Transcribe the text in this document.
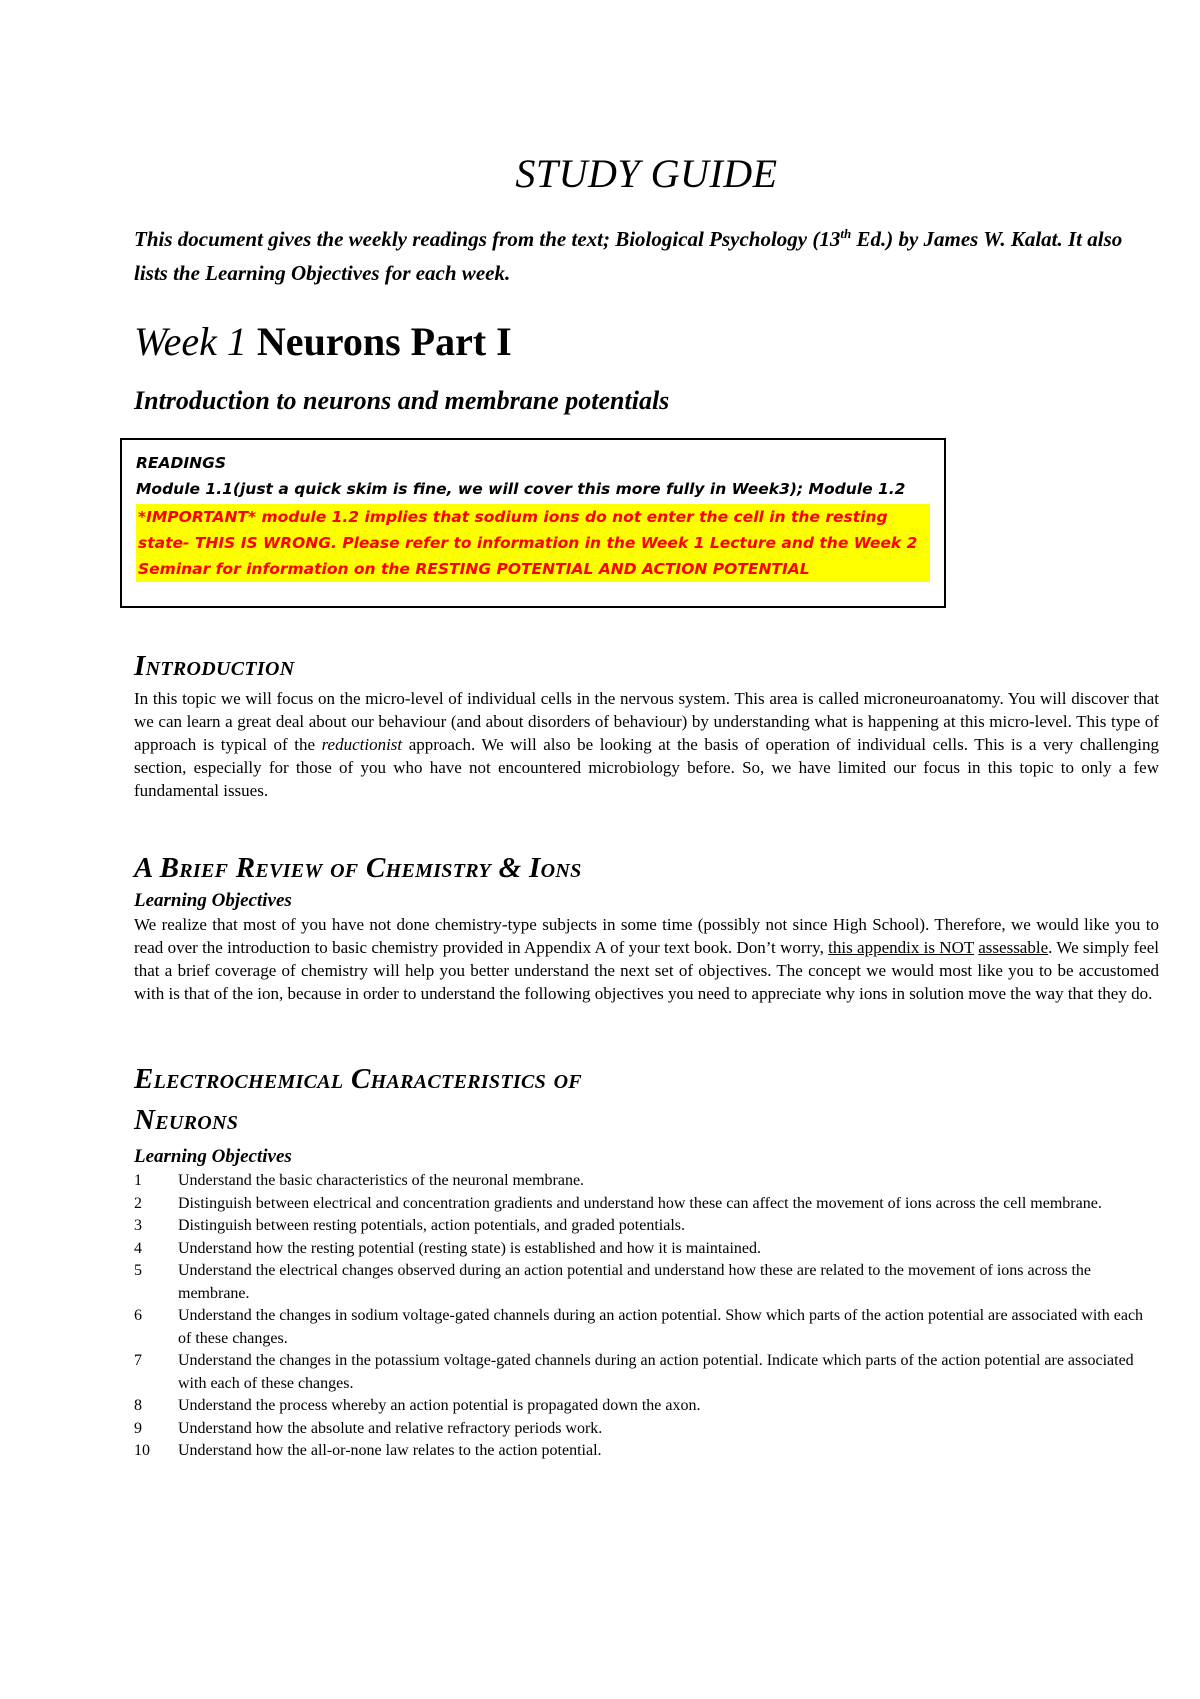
STUDY GUIDE

This document gives the weekly readings from the text; Biological Psychology (13th Ed.) by James W. Kalat. It also lists the Learning Objectives for each week.

Week 1 Neurons Part I
Introduction to neurons and membrane potentials

READINGS

Module 1.1(just a quick skim is fine, we will cover this more fully in Week3); Module 1.2

*IMPORTANT* module 1.2 implies that sodium ions do not enter the cell in the resting state- THIS IS WRONG. Please refer to information in the Week 1 Lecture and the Week 2 Seminar for information on the RESTING POTENTIAL AND ACTION POTENTIAL

Introduction

In this topic we will focus on the micro-level of individual cells in the nervous system. This area is called microneuroanatomy. You will discover that we can learn a great deal about our behaviour (and about disorders of behaviour) by understanding what is happening at this micro-level. This type of approach is typical of the reductionist approach. We will also be looking at the basis of operation of individual cells. This is a very challenging section, especially for those of you who have not encountered microbiology before. So, we have limited our focus in this topic to only a few fundamental issues.

A Brief Review of Chemistry & Ions

Learning Objectives

We realize that most of you have not done chemistry-type subjects in some time (possibly not since High School). Therefore, we would like you to read over the introduction to basic chemistry provided in Appendix A of your text book. Don’t worry, this appendix is NOT assessable. We simply feel that a brief coverage of chemistry will help you better understand the next set of objectives. The concept we would most like you to be accustomed with is that of the ion, because in order to understand the following objectives you need to appreciate why ions in solution move the way that they do.

Electrochemical Characteristics of
Neurons

Learning Objectives

1	Understand the basic characteristics of the neuronal membrane.
2	Distinguish between electrical and concentration gradients and understand how these can affect the movement of ions across the cell membrane.
3	Distinguish between resting potentials, action potentials, and graded potentials.
4	Understand how the resting potential (resting state) is established and how it is maintained.
5	Understand the electrical changes observed during an action potential and understand how these are related to the movement of ions across the membrane.
6	Understand the changes in sodium voltage-gated channels during an action potential. Show which parts of the action potential are associated with each of these changes.
7	Understand the changes in the potassium voltage-gated channels during an action potential. Indicate which parts of the action potential are associated with each of these changes.
8	Understand the process whereby an action potential is propagated down the axon.
9	Understand how the absolute and relative refractory periods work.
10	Understand how the all-or-none law relates to the action potential.
